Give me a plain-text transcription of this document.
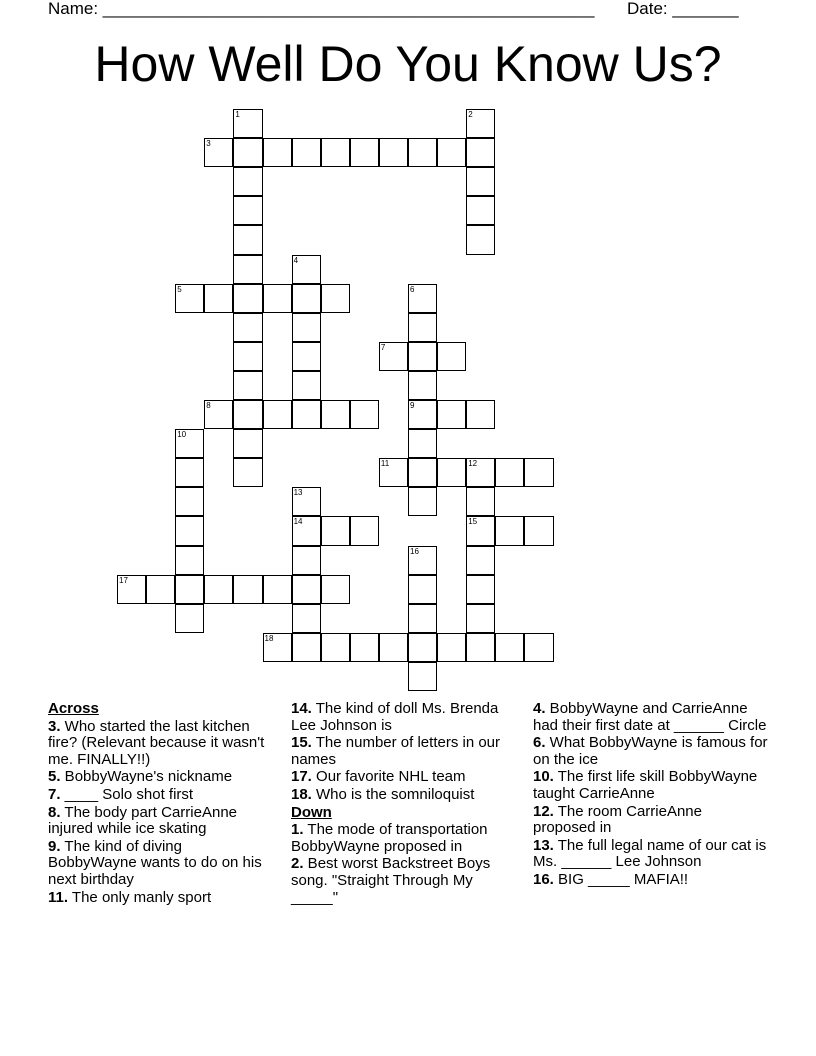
Name: ____________________________________________________ Date: _______
How Well Do You Know Us?
1	2
3
4
5	6
7
8	9
10
11	12
13
14	15
16
17
18
Across
3. Who started the last kitchen fire? (Relevant because it wasn't me. FINALLY!!)
5. BobbyWayne's nickname
7. ____ Solo shot first
8. The body part CarrieAnne injured while ice skating
9. The kind of diving BobbyWayne wants to do on his next birthday
11. The only manly sport
14. The kind of doll Ms. Brenda Lee Johnson is
15. The number of letters in our names
17. Our favorite NHL team
18. Who is the somniloquist
Down
1. The mode of transportation BobbyWayne proposed in
2. Best worst Backstreet Boys song. "Straight Through My _____"
4. BobbyWayne and CarrieAnne had their first date at ______ Circle
6. What BobbyWayne is famous for on the ice
10. The first life skill BobbyWayne taught CarrieAnne
12. The room CarrieAnne proposed in
13. The full legal name of our cat is Ms. ______ Lee Johnson
16. BIG _____ MAFIA!!
